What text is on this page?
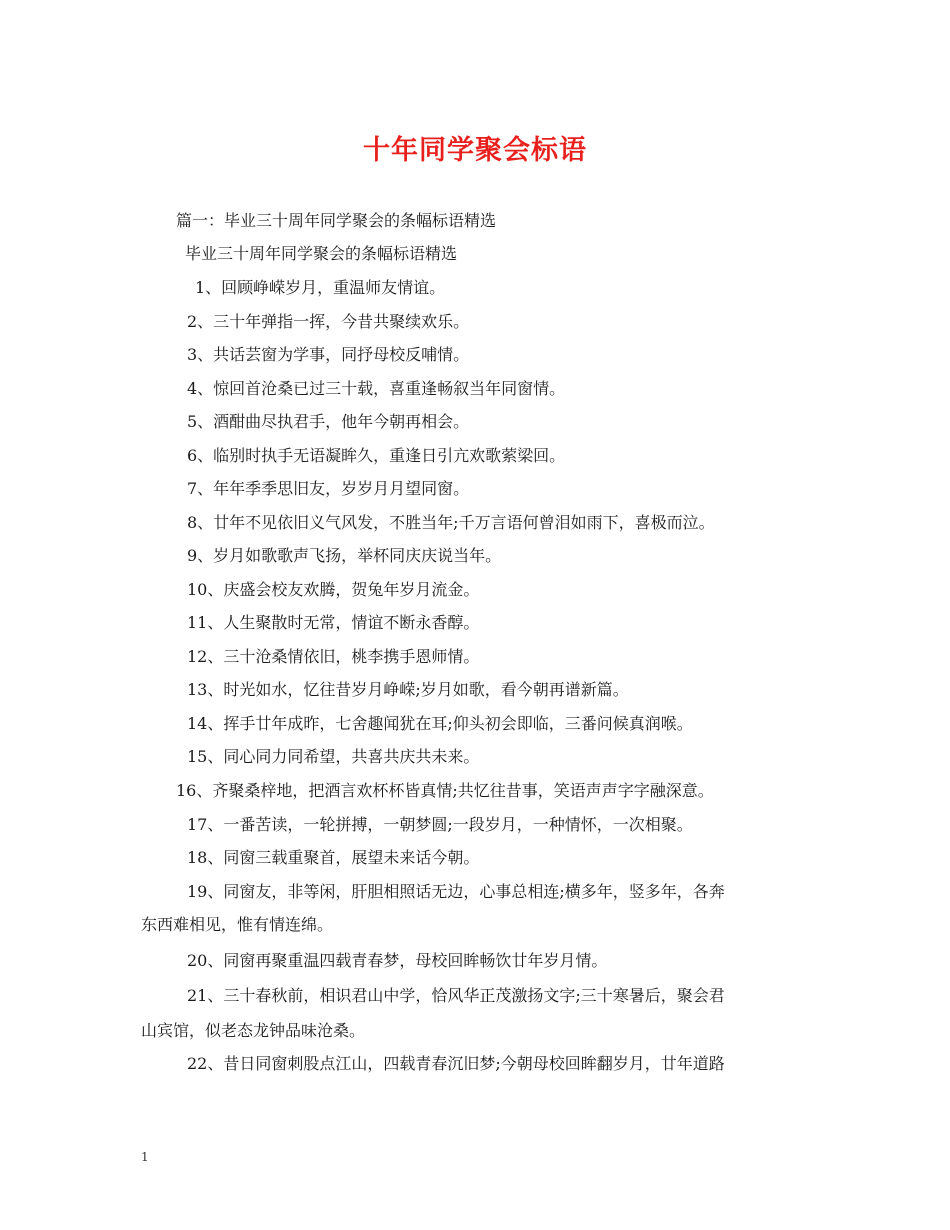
十年同学聚会标语
篇一：毕业三十周年同学聚会的条幅标语精选
毕业三十周年同学聚会的条幅标语精选
1、回顾峥嵘岁月，重温师友情谊。
2、三十年弹指一挥，今昔共聚续欢乐。
3、共话芸窗为学事，同抒母校反哺情。
4、惊回首沧桑已过三十载，喜重逢畅叙当年同窗情。
5、酒酣曲尽执君手，他年今朝再相会。
6、临别时执手无语凝眸久，重逢日引亢欢歌萦梁回。
7、年年季季思旧友，岁岁月月望同窗。
8、廿年不见依旧义气风发，不胜当年;千万言语何曾泪如雨下，喜极而泣。
9、岁月如歌歌声飞扬，举杯同庆庆说当年。
10、庆盛会校友欢腾，贺兔年岁月流金。
11、人生聚散时无常，情谊不断永香醇。
12、三十沧桑情依旧，桃李携手恩师情。
13、时光如水，忆往昔岁月峥嵘;岁月如歌，看今朝再谱新篇。
14、挥手廿年成昨，七舍趣闻犹在耳;仰头初会即临，三番问候真润喉。
15、同心同力同希望，共喜共庆共未来。
16、齐聚桑梓地，把酒言欢杯杯皆真情;共忆往昔事，笑语声声字字融深意。
17、一番苦读，一轮拼搏，一朝梦圆;一段岁月，一种情怀，一次相聚。
18、同窗三载重聚首，展望未来话今朝。
19、同窗友，非等闲，肝胆相照话无边，心事总相连;横多年，竖多年，各奔
东西难相见，惟有情连绵。
20、同窗再聚重温四载青春梦，母校回眸畅饮廿年岁月情。
21、三十春秋前，相识君山中学，恰风华正茂激扬文字;三十寒暑后，聚会君
山宾馆，似老态龙钟品味沧桑。
22、昔日同窗刺股点江山，四载青春沉旧梦;今朝母校回眸翻岁月，廿年道路
1
